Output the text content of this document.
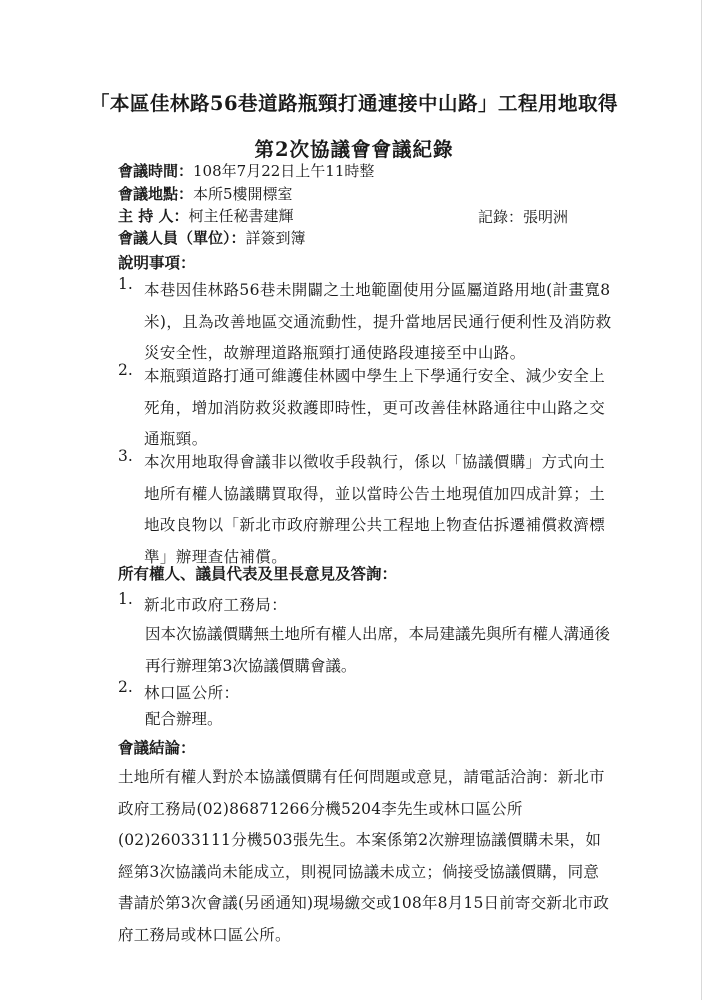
「本區佳林路56巷道路瓶頸打通連接中山路」工程用地取得
第2次協議會會議紀錄
會議時間：108年7月22日上午11時整
會議地點：本所5樓開標室
主 持 人：柯主任秘書建輝	記錄：張明洲
會議人員（單位）：詳簽到簿
說明事項：
1. 本巷因佳林路56巷未開闢之土地範圍使用分區屬道路用地(計畫寬8米)，且為改善地區交通流動性，提升當地居民通行便利性及消防救災安全性，故辦理道路瓶頸打通使路段連接至中山路。
2. 本瓶頸道路打通可維護佳林國中學生上下學通行安全、減少安全上死角，增加消防救災救護即時性，更可改善佳林路通往中山路之交通瓶頸。
3. 本次用地取得會議非以徵收手段執行，係以「協議價購」方式向土地所有權人協議購買取得，並以當時公告土地現值加四成計算；土地改良物以「新北市政府辦理公共工程地上物查估拆遷補償救濟標準」辦理查估補償。
所有權人、議員代表及里長意見及答詢：
1. 新北市政府工務局：
因本次協議價購無土地所有權人出席，本局建議先與所有權人溝通後再行辦理第3次協議價購會議。
2. 林口區公所：
配合辦理。
會議結論：
土地所有權人對於本協議價購有任何問題或意見，請電話洽詢：新北市政府工務局(02)86871266分機5204李先生或林口區公所(02)26033111分機503張先生。本案係第2次辦理協議價購未果，如經第3次協議尚未能成立，則視同協議未成立；倘接受協議價購，同意書請於第3次會議(另函通知)現場繳交或108年8月15日前寄交新北市政府工務局或林口區公所。
